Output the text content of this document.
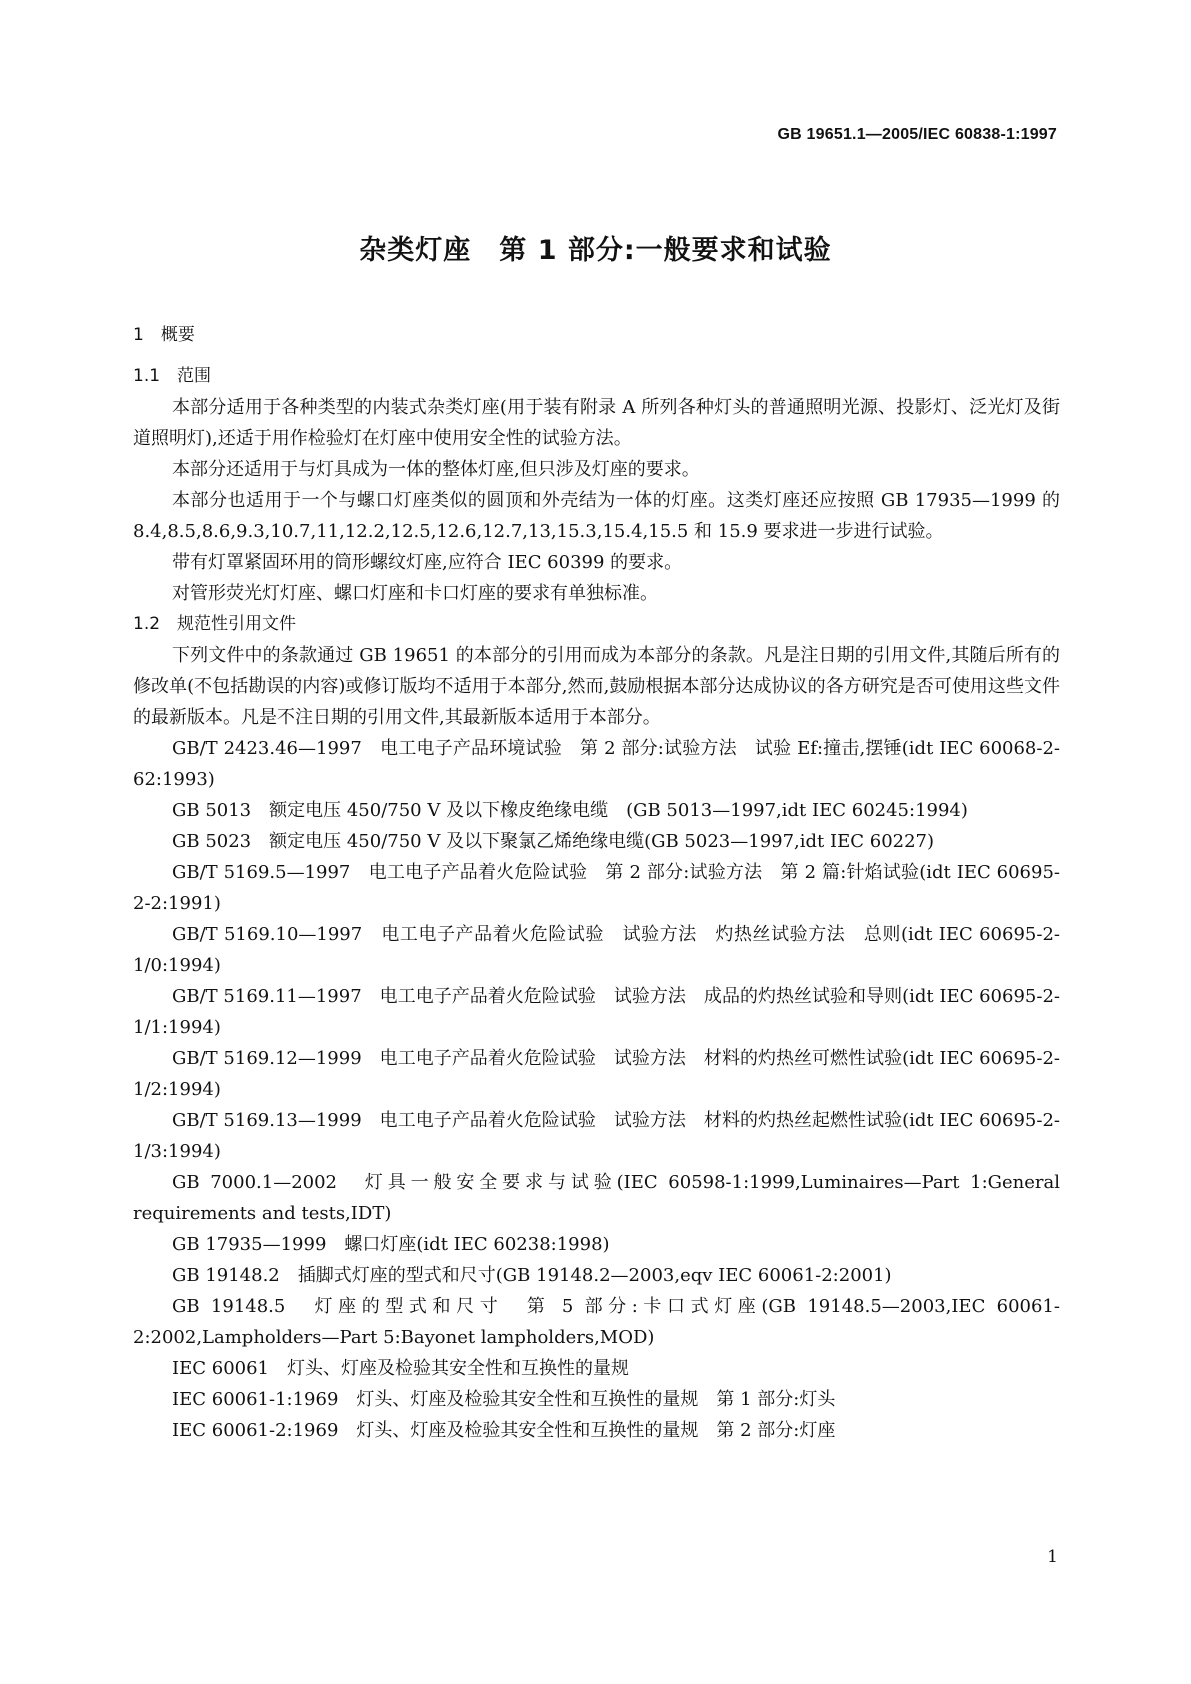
GB 19651.1—2005/IEC 60838-1:1997
杂类灯座　第 1 部分:一般要求和试验
1　概要
1.1　范围
本部分适用于各种类型的内装式杂类灯座(用于装有附录 A 所列各种灯头的普通照明光源、投影灯、泛光灯及街道照明灯),还适于用作检验灯在灯座中使用安全性的试验方法。
本部分还适用于与灯具成为一体的整体灯座,但只涉及灯座的要求。
本部分也适用于一个与螺口灯座类似的圆顶和外壳结为一体的灯座。这类灯座还应按照 GB 17935—1999 的 8.4,8.5,8.6,9.3,10.7,11,12.2,12.5,12.6,12.7,13,15.3,15.4,15.5 和 15.9 要求进一步进行试验。
带有灯罩紧固环用的筒形螺纹灯座,应符合 IEC 60399 的要求。
对管形荧光灯灯座、螺口灯座和卡口灯座的要求有单独标准。
1.2　规范性引用文件
下列文件中的条款通过 GB 19651 的本部分的引用而成为本部分的条款。凡是注日期的引用文件,其随后所有的修改单(不包括勘误的内容)或修订版均不适用于本部分,然而,鼓励根据本部分达成协议的各方研究是否可使用这些文件的最新版本。凡是不注日期的引用文件,其最新版本适用于本部分。
GB/T 2423.46—1997　电工电子产品环境试验　第 2 部分:试验方法　试验 Ef:撞击,摆锤(idt IEC 60068-2-62:1993)
GB 5013　额定电压 450/750 V 及以下橡皮绝缘电缆　(GB 5013—1997,idt IEC 60245:1994)
GB 5023　额定电压 450/750 V 及以下聚氯乙烯绝缘电缆(GB 5023—1997,idt IEC 60227)
GB/T 5169.5—1997　电工电子产品着火危险试验　第 2 部分:试验方法　第 2 篇:针焰试验(idt IEC 60695-2-2:1991)
GB/T 5169.10—1997　电工电子产品着火危险试验　试验方法　灼热丝试验方法　总则(idt IEC 60695-2-1/0:1994)
GB/T 5169.11—1997　电工电子产品着火危险试验　试验方法　成品的灼热丝试验和导则(idt IEC 60695-2-1/1:1994)
GB/T 5169.12—1999　电工电子产品着火危险试验　试验方法　材料的灼热丝可燃性试验(idt IEC 60695-2-1/2:1994)
GB/T 5169.13—1999　电工电子产品着火危险试验　试验方法　材料的灼热丝起燃性试验(idt IEC 60695-2-1/3:1994)
GB 7000.1—2002　灯具一般安全要求与试验(IEC 60598-1:1999,Luminaires—Part 1:General requirements and tests,IDT)
GB 17935—1999　螺口灯座(idt IEC 60238:1998)
GB 19148.2　插脚式灯座的型式和尺寸(GB 19148.2—2003,eqv IEC 60061-2:2001)
GB 19148.5　灯座的型式和尺寸　第 5 部分:卡口式灯座(GB 19148.5—2003,IEC 60061-2:2002,Lampholders—Part 5:Bayonet lampholders,MOD)
IEC 60061　灯头、灯座及检验其安全性和互换性的量规
IEC 60061-1:1969　灯头、灯座及检验其安全性和互换性的量规　第 1 部分:灯头
IEC 60061-2:1969　灯头、灯座及检验其安全性和互换性的量规　第 2 部分:灯座
1
